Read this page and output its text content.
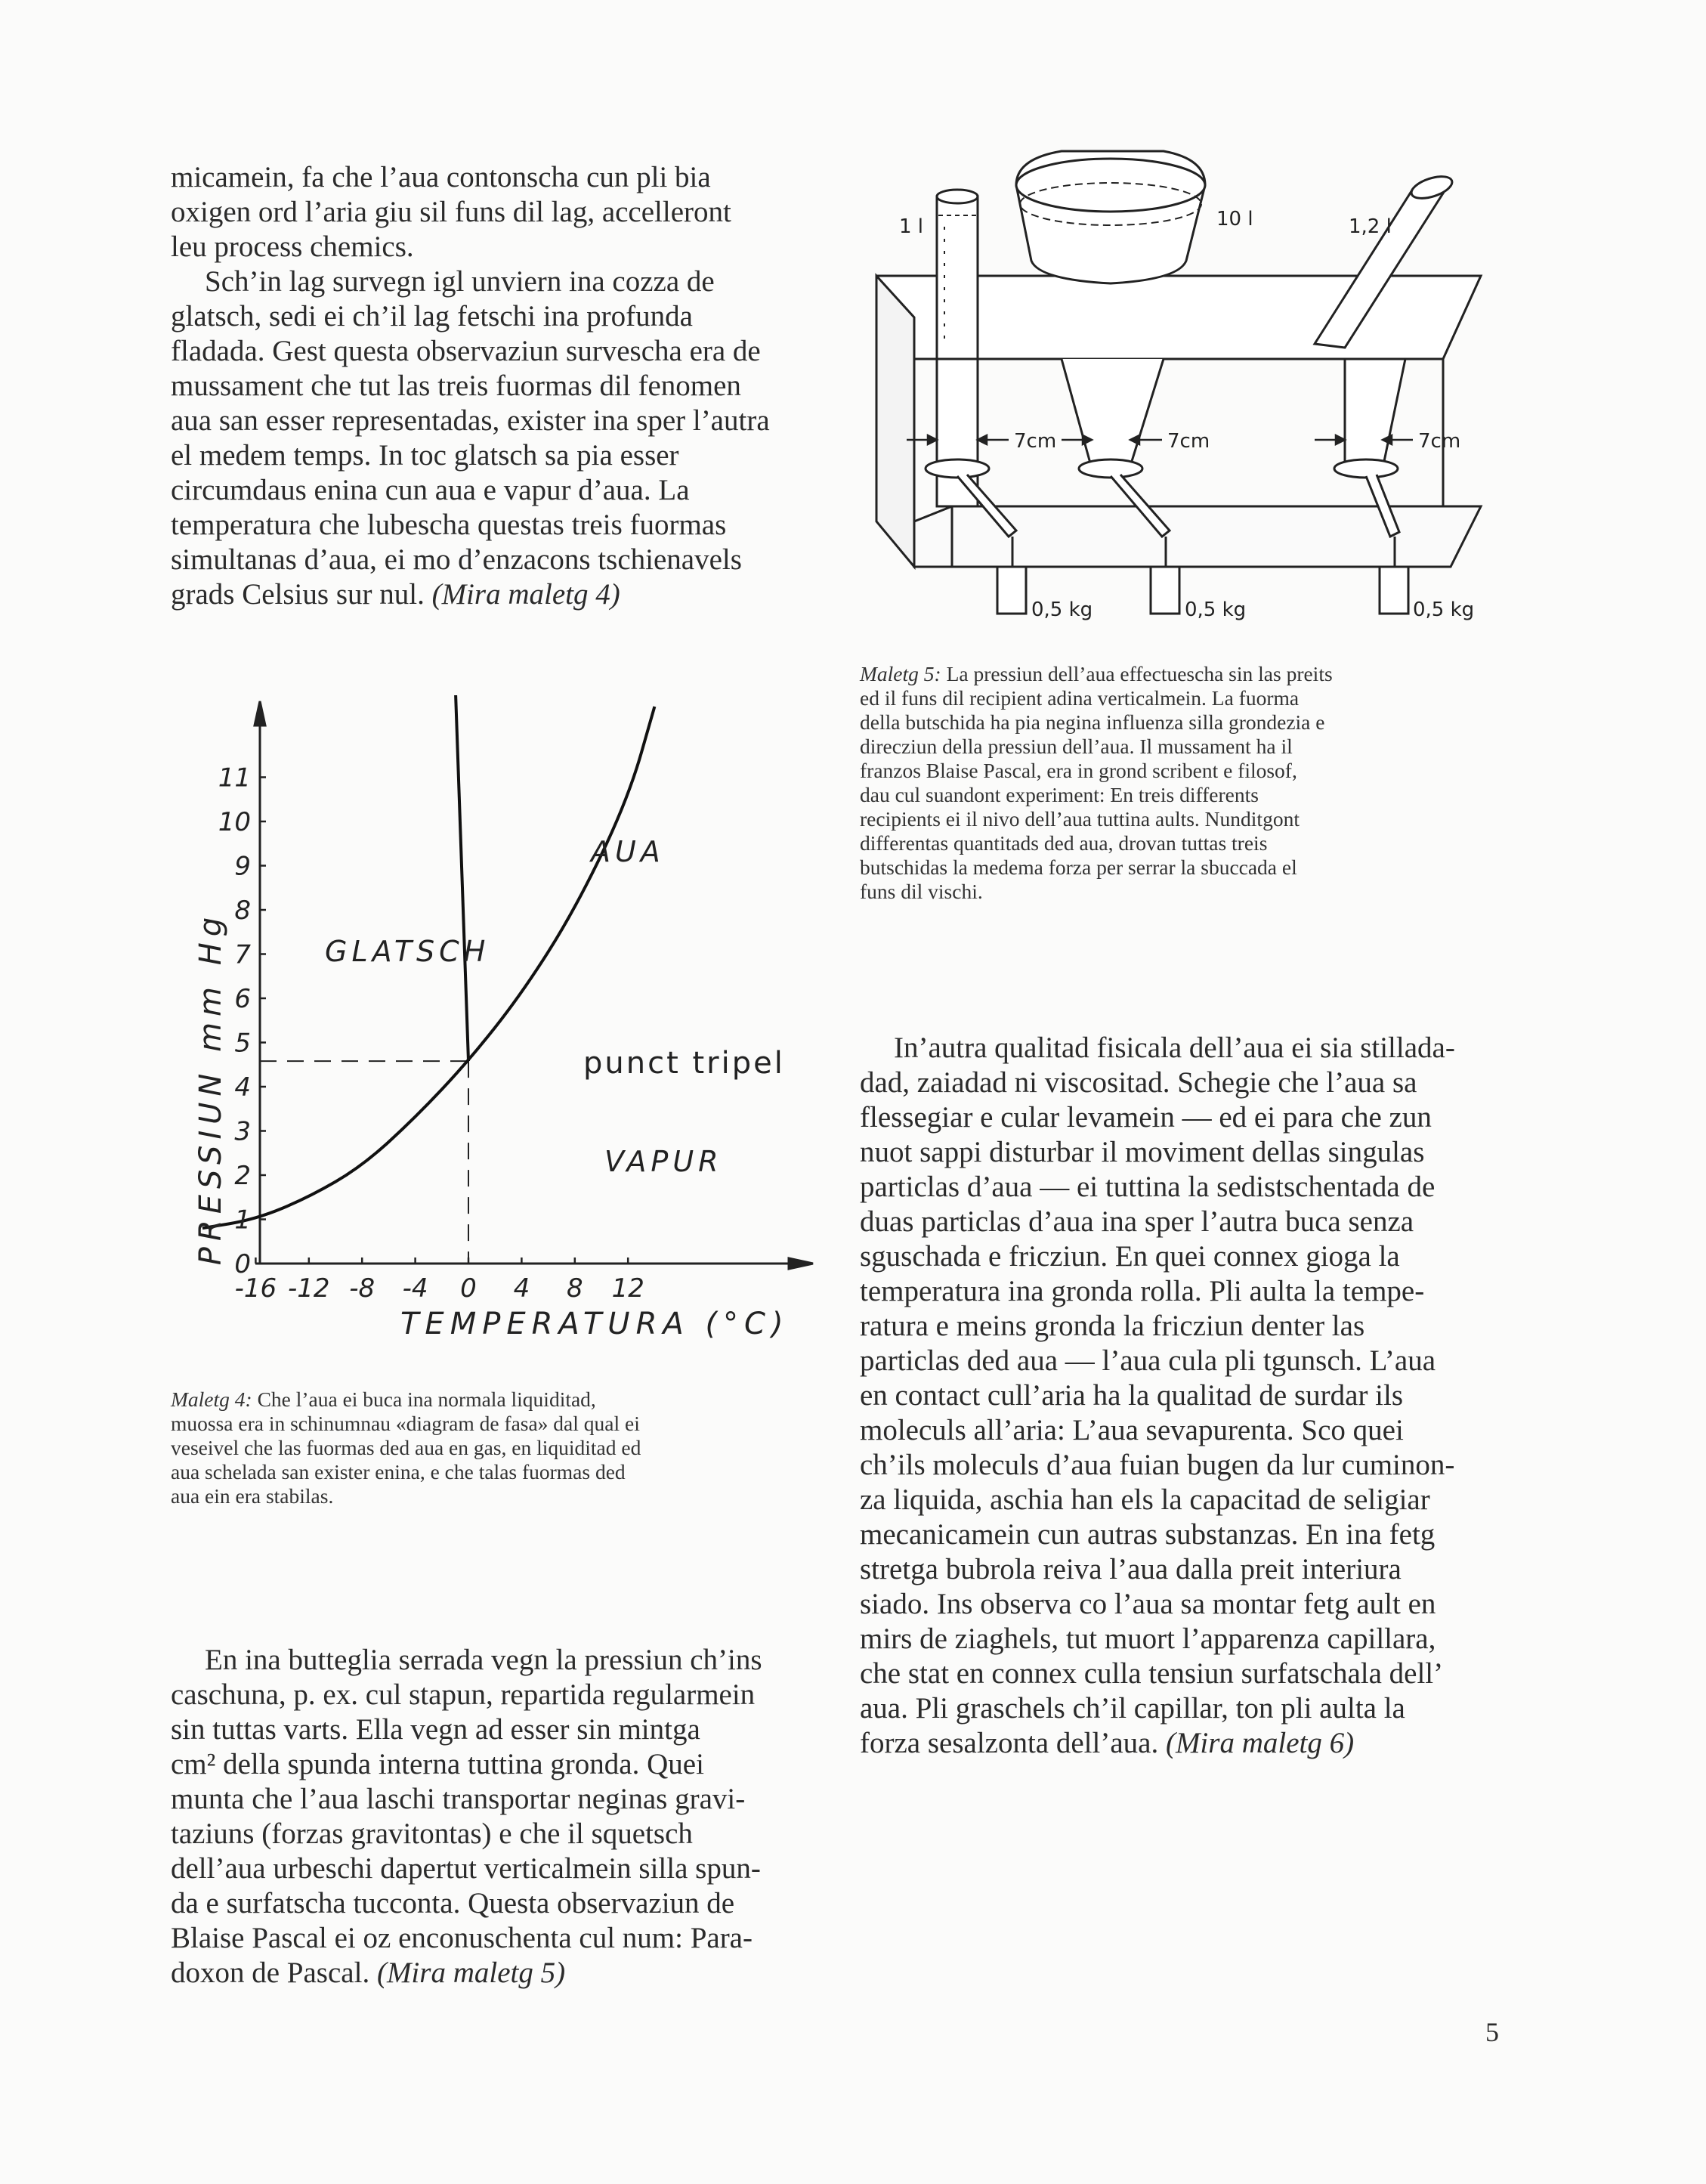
micamein, fa che l’aua contonscha cun pli bia
oxigen ord l’aria giu sil funs dil lag, accelleront
leu process chemics.
Sch’in lag survegn igl unviern ina cozza de
glatsch, sedi ei ch’il lag fetschi ina profunda
fladada. Gest questa observaziun survescha era de
mussament che tut las treis fuormas dil fenomen
aua san esser representadas, exister ina sper l’autra
el medem temps. In toc glatsch sa pia esser
circumdaus enina cun aua e vapur d’aua. La
temperatura che lubescha questas treis fuormas
simultanas d’aua, ei mo d’enzacons tschienavels
grads Celsius sur nul. (Mira maletg 4)
1 l	10 l	1,2 l
7cm	7cm	7cm
0,5 kg	0,5 kg	0,5 kg
Maletg 5: La pressiun dell’aua effectuescha sin las preits
ed il funs dil recipient adina verticalmein. La fuorma
della butschida ha pia negina influenza silla grondezia e
direcziun della pressiun dell’aua. Il mussament ha il
franzos Blaise Pascal, era in grond scribent e filosof,
dau cul suandont experiment: En treis differents
recipients ei il nivo dell’aua tuttina aults. Nunditgont
differentas quantitads ded aua, drovan tuttas treis
butschidas la medema forza per serrar la sbuccada el
funs dil vischi.
0
1
2
3
4
5
6
7
8
9
10
11
-16 -12 -8 -4 0 4 8 12
TEMPERATURA (°C)
PRESSIUN mm Hg	GLATSCH
AUA
VAPUR
punct tripel
Maletg 4: Che l’aua ei buca ina normala liquiditad,
muossa era in schinumnau «diagram de fasa» dal qual ei
veseivel che las fuormas ded aua en gas, en liquiditad ed
aua schelada san exister enina, e che talas fuormas ded
aua ein era stabilas.
En ina butteglia serrada vegn la pressiun ch’ins
caschuna, p. ex. cul stapun, repartida regularmein
sin tuttas varts. Ella vegn ad esser sin mintga
cm² della spunda interna tuttina gronda. Quei
munta che l’aua laschi transportar neginas gravi-
taziuns (forzas gravitontas) e che il squetsch
dell’aua urbeschi dapertut verticalmein silla spun-
da e surfatscha tucconta. Questa observaziun de
Blaise Pascal ei oz enconuschenta cul num: Para-
doxon de Pascal. (Mira maletg 5)
In’autra qualitad fisicala dell’aua ei sia stillada-
dad, zaiadad ni viscositad. Schegie che l’aua sa
flessegiar e cular levamein — ed ei para che zun
nuot sappi disturbar il moviment dellas singulas
particlas d’aua — ei tuttina la sedistschentada de
duas particlas d’aua ina sper l’autra buca senza
sguschada e fricziun. En quei connex gioga la
temperatura ina gronda rolla. Pli aulta la tempe-
ratura e meins gronda la fricziun denter las
particlas ded aua — l’aua cula pli tgunsch. L’aua
en contact cull’aria ha la qualitad de surdar ils
moleculs all’aria: L’aua sevapurenta. Sco quei
ch’ils moleculs d’aua fuian bugen da lur cuminon-
za liquida, aschia han els la capacitad de seligiar
mecanicamein cun autras substanzas. En ina fetg
stretga bubrola reiva l’aua dalla preit interiura
siado. Ins observa co l’aua sa montar fetg ault en
mirs de ziaghels, tut muort l’apparenza capillara,
che stat en connex culla tensiun surfatschala dell’
aua. Pli graschels ch’il capillar, ton pli aulta la
forza sesalzonta dell’aua. (Mira maletg 6)
5
